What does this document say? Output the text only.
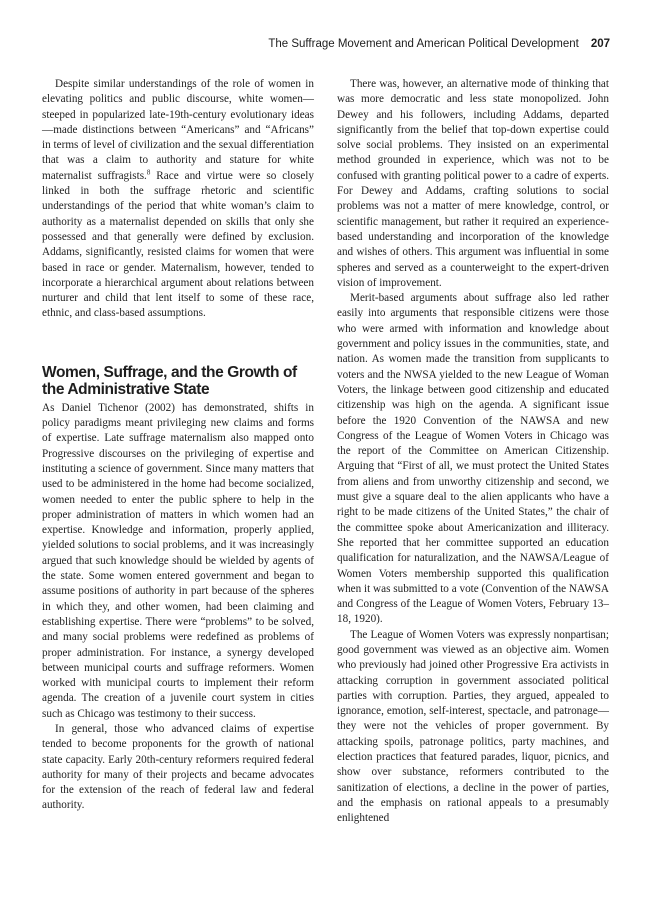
The Suffrage Movement and American Political Development 207

Despite similar understandings of the role of women in elevating politics and public discourse, white women—steeped in popularized late-19th-century evolutionary ideas—made distinctions between “Americans” and “Africans” in terms of level of civilization and the sexual differentiation that was a claim to authority and stature for white maternalist suffragists.$^8$ Race and virtue were so closely linked in both the suffrage rhetoric and scientific understandings of the period that white woman’s claim to authority as a maternalist depended on skills that only she possessed and that generally were defined by exclusion. Addams, significantly, resisted claims for women that were based in race or gender. Maternalism, however, tended to incorporate a hierarchical argument about relations between nurturer and child that lent itself to some of these race, ethnic, and class-based assumptions.

Women, Suffrage, and the Growth of the Administrative State

As Daniel Tichenor (2002) has demonstrated, shifts in policy paradigms meant privileging new claims and forms of expertise. Late suffrage maternalism also mapped onto Progressive discourses on the privileging of expertise and instituting a science of government. Since many matters that used to be administered in the home had become socialized, women needed to enter the public sphere to help in the proper administration of matters in which women had an expertise. Knowledge and information, properly applied, yielded solutions to social problems, and it was increasingly argued that such knowledge should be wielded by agents of the state. Some women entered government and began to assume positions of authority in part because of the spheres in which they, and other women, had been claiming and establishing expertise. There were “problems” to be solved, and many social problems were redefined as problems of proper administration. For instance, a synergy developed between municipal courts and suffrage reformers. Women worked with municipal courts to implement their reform agenda. The creation of a juvenile court system in cities such as Chicago was testimony to their success.

In general, those who advanced claims of expertise tended to become proponents for the growth of national state capacity. Early 20th-century reformers required federal authority for many of their projects and became advocates for the extension of the reach of federal law and federal authority.

There was, however, an alternative mode of thinking that was more democratic and less state monopolized. John Dewey and his followers, including Addams, departed significantly from the belief that top-down expertise could solve social problems. They insisted on an experimental method grounded in experience, which was not to be confused with granting political power to a cadre of experts. For Dewey and Addams, crafting solutions to social problems was not a matter of mere knowledge, control, or scientific management, but rather it required an experience-based understanding and incorporation of the knowledge and wishes of others. This argument was influential in some spheres and served as a counterweight to the expert-driven vision of improvement.

Merit-based arguments about suffrage also led rather easily into arguments that responsible citizens were those who were armed with information and knowledge about government and policy issues in the communities, state, and nation. As women made the transition from supplicants to voters and the NWSA yielded to the new League of Woman Voters, the linkage between good citizenship and educated citizenship was high on the agenda. A significant issue before the 1920 Convention of the NAWSA and new Congress of the League of Women Voters in Chicago was the report of the Committee on American Citizenship. Arguing that “First of all, we must protect the United States from aliens and from unworthy citizenship and second, we must give a square deal to the alien applicants who have a right to be made citizens of the United States,” the chair of the committee spoke about Americanization and illiteracy. She reported that her committee supported an education qualification for naturalization, and the NAWSA/League of Women Voters membership supported this qualification when it was submitted to a vote (Convention of the NAWSA and Congress of the League of Women Voters, February 13–18, 1920).

The League of Women Voters was expressly nonpartisan; good government was viewed as an objective aim. Women who previously had joined other Progressive Era activists in attacking corruption in government associated political parties with corruption. Parties, they argued, appealed to ignorance, emotion, self-interest, spectacle, and patronage—they were not the vehicles of proper government. By attacking spoils, patronage politics, party machines, and election practices that featured parades, liquor, picnics, and show over substance, reformers contributed to the sanitization of elections, a decline in the power of parties, and the emphasis on rational appeals to a presumably enlightened
